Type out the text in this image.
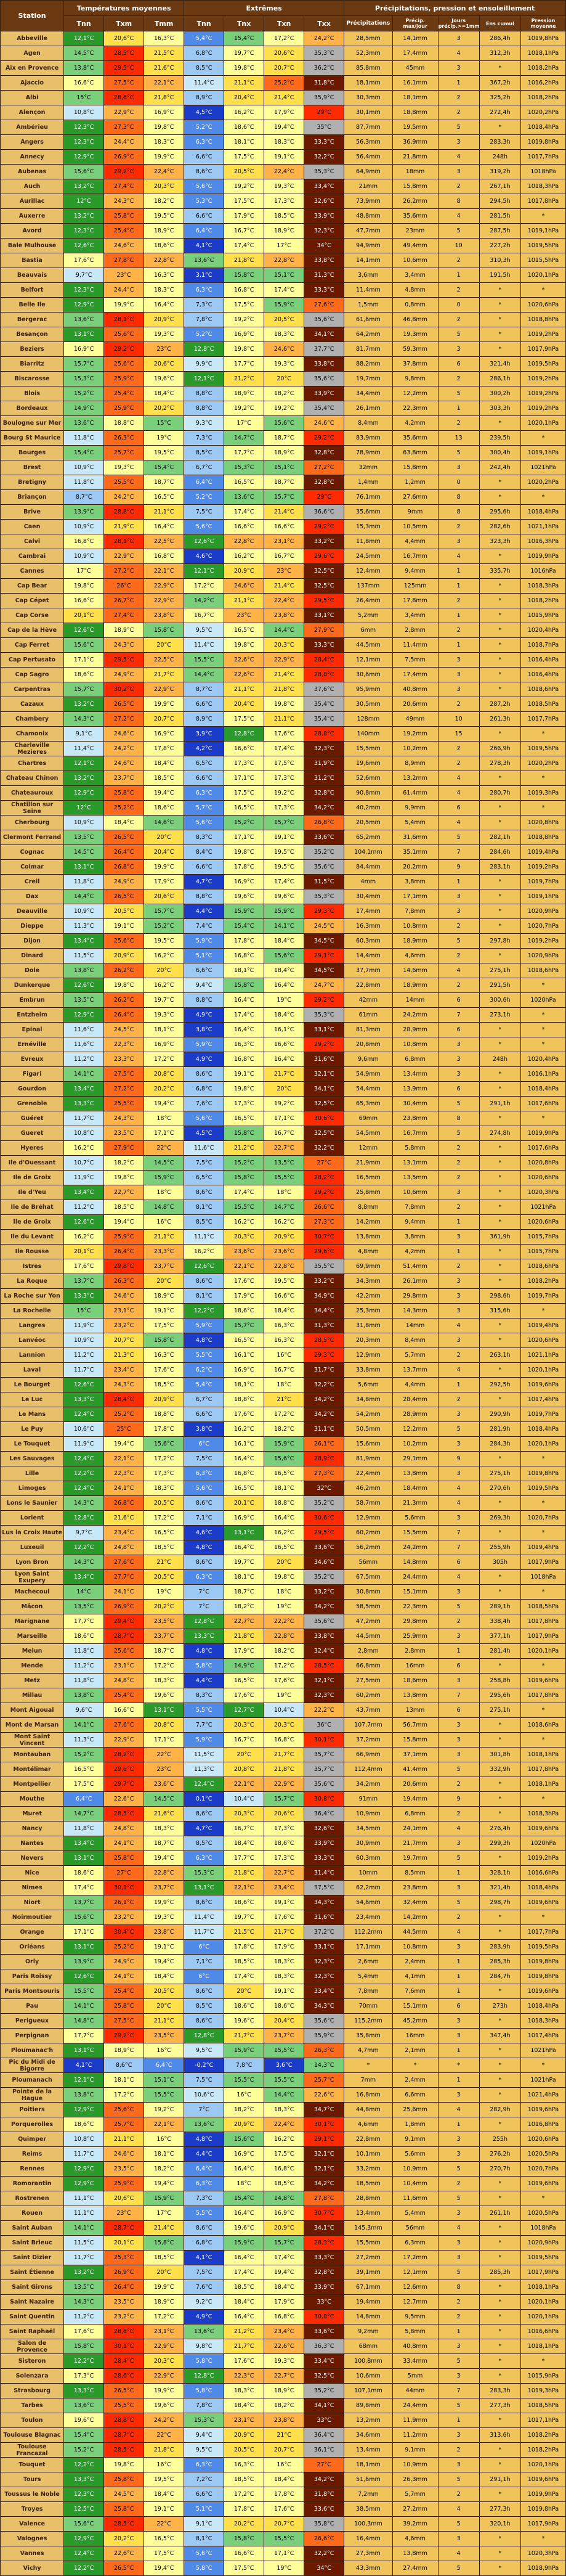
Station	Températures moyennes			Extrêmes				Précipitations, pression et ensoleillement				
	Tnn	Txm	Tmm	Tnn	Tnx	Txn	Txx	Précipitations	Précip. max/jour	Jours précip.>=1mm	Ens cumul	Pression moyenne
Abbeville	12,1°C	20,6°C	16,3°C	5,4°C	15,4°C	17,2°C	24,2°C	28,5mm	14,1mm	3	286,4h	1019,8hPa
Agen	14,5°C	28,5°C	21,5°C	6,8°C	19,7°C	20,6°C	35,3°C	52,3mm	17,4mm	4	312,3h	1018,1hPa
Aix en Provence	13,8°C	29,5°C	21,6°C	8,5°C	19,8°C	20,7°C	36,2°C	85,8mm	45mm	3	*	1018,2hPa
Ajaccio	16,6°C	27,5°C	22,1°C	11,4°C	21,1°C	25,2°C	31,8°C	18,1mm	16,1mm	1	367,2h	1016,2hPa
Albi	15°C	28,6°C	21,8°C	8,9°C	20,4°C	21,4°C	35,9°C	30,3mm	18,1mm	2	325,2h	1018,2hPa
Alençon	10,8°C	22,9°C	16,9°C	4,5°C	16,2°C	17,9°C	29°C	30,1mm	18,8mm	2	272,4h	1020,2hPa
Ambérieu	12,3°C	27,3°C	19,8°C	5,2°C	18,6°C	19,4°C	35°C	87,7mm	19,5mm	5	*	1018,4hPa
Angers	12,3°C	24,4°C	18,3°C	6,3°C	18,1°C	18,3°C	33,3°C	56,3mm	36,9mm	3	283,3h	1019,8hPa
Annecy	12,9°C	26,9°C	19,9°C	6,6°C	17,5°C	19,1°C	32,2°C	56,4mm	21,8mm	4	248h	1017,7hPa
Aubenas	15,6°C	29,2°C	22,4°C	8,6°C	20,5°C	22,4°C	35,3°C	64,9mm	18mm	3	319,2h	1018hPa
Auch	13,2°C	27,4°C	20,3°C	5,6°C	19,2°C	19,3°C	33,4°C	21mm	15,8mm	2	267,1h	1018,3hPa
Aurillac	12°C	24,3°C	18,2°C	5,3°C	17,5°C	17,3°C	32,6°C	73,9mm	26,2mm	8	294,5h	1017,8hPa
Auxerre	13,2°C	25,8°C	19,5°C	6,6°C	17,9°C	18,5°C	33,9°C	48,8mm	35,6mm	4	281,5h	*
Avord	12,3°C	25,4°C	18,9°C	6,4°C	16,7°C	18,9°C	32,3°C	47,7mm	23mm	5	287,5h	1019,1hPa
Bale Mulhouse	12,6°C	24,6°C	18,6°C	4,1°C	17,4°C	17°C	34°C	94,9mm	49,4mm	10	227,2h	1019,5hPa
Bastia	17,6°C	27,8°C	22,8°C	13,6°C	21,8°C	22,8°C	33,8°C	14,1mm	10,6mm	2	310,3h	1015,5hPa
Beauvais	9,7°C	23°C	16,3°C	3,1°C	15,8°C	15,1°C	31,3°C	3,6mm	3,4mm	1	191,5h	1020,1hPa
Belfort	12,3°C	24,4°C	18,3°C	6,3°C	16,8°C	17,4°C	33,3°C	11,4mm	4,8mm	2	*	*
Belle Ile	12,9°C	19,9°C	16,4°C	7,3°C	17,5°C	15,9°C	27,6°C	1,5mm	0,8mm	0	*	1020,6hPa
Bergerac	13,6°C	28,1°C	20,9°C	7,8°C	19,2°C	20,5°C	35,6°C	61,6mm	46,8mm	2	*	1018,8hPa
Besançon	13,1°C	25,6°C	19,3°C	5,2°C	16,9°C	18,3°C	34,1°C	64,2mm	19,3mm	5	*	1019,2hPa
Beziers	16,9°C	29,2°C	23°C	12,8°C	19,8°C	24,6°C	37,7°C	81,7mm	59,3mm	3	*	1017,9hPa
Biarritz	15,7°C	25,6°C	20,6°C	9,9°C	17,7°C	19,3°C	33,8°C	88,2mm	37,8mm	6	321,4h	1019,5hPa
Biscarosse	15,3°C	25,9°C	19,6°C	12,1°C	21,2°C	20°C	35,6°C	19,7mm	9,8mm	2	286,1h	1019,2hPa
Blois	15,2°C	25,4°C	18,4°C	8,8°C	18,9°C	18,2°C	33,9°C	34,4mm	12,2mm	5	300,2h	1019,2hPa
Bordeaux	14,9°C	25,9°C	20,2°C	8,8°C	19,2°C	19,2°C	35,4°C	26,1mm	22,3mm	1	303,3h	1019,2hPa
Boulogne sur Mer	13,6°C	18,8°C	15°C	9,3°C	17°C	15,6°C	24,6°C	8,4mm	4,2mm	2	*	1020,1hPa
Bourg St Maurice	11,8°C	26,3°C	19°C	7,3°C	14,7°C	18,7°C	29,2°C	83,9mm	35,6mm	13	239,5h	*
Bourges	15,4°C	25,7°C	19,5°C	8,5°C	17,7°C	18,9°C	32,8°C	78,9mm	63,8mm	5	300,4h	1019,1hPa
Brest	10,9°C	19,3°C	15,4°C	6,7°C	15,3°C	15,1°C	27,2°C	32mm	15,8mm	3	242,4h	1021hPa
Bretigny	11,8°C	25,5°C	18,7°C	6,4°C	16,5°C	18,7°C	32,8°C	1,4mm	1,2mm	0	*	1020,2hPa
Briançon	8,7°C	24,2°C	16,5°C	5,2°C	13,6°C	15,7°C	29°C	76,1mm	27,6mm	8	*	*
Brive	13,9°C	28,8°C	21,1°C	7,5°C	17,4°C	21,4°C	36,6°C	35,6mm	9mm	8	295,6h	1018,4hPa
Caen	10,9°C	21,9°C	16,4°C	5,6°C	16,6°C	16,6°C	29,2°C	15,3mm	10,5mm	2	282,6h	1021,1hPa
Calvi	16,8°C	28,1°C	22,5°C	12,6°C	22,8°C	23,1°C	33,2°C	11,8mm	4,4mm	3	323,3h	1016,3hPa
Cambrai	10,9°C	22,9°C	16,8°C	4,6°C	16,2°C	16,7°C	29,6°C	24,5mm	16,7mm	4	*	1019,9hPa
Cannes	17°C	27,2°C	22,1°C	12,1°C	20,9°C	23°C	32,5°C	12,4mm	9,4mm	1	335,7h	1016hPa
Cap Bear	19,8°C	26°C	22,9°C	17,2°C	24,6°C	21,4°C	32,5°C	137mm	125mm	1	*	1018,3hPa
Cap Cépet	16,6°C	26,7°C	22,9°C	14,2°C	21,1°C	22,4°C	29,5°C	26,4mm	17,8mm	2	*	1018,2hPa
Cap Corse	20,1°C	27,4°C	23,8°C	16,7°C	23°C	23,8°C	33,1°C	5,2mm	3,4mm	1	*	1015,9hPa
Cap de la Hève	12,6°C	18,9°C	15,8°C	9,5°C	16,5°C	14,4°C	27,9°C	6mm	2,8mm	2	*	1020,4hPa
Cap Ferret	15,6°C	24,3°C	20°C	11,4°C	19,8°C	20,3°C	33,3°C	44,5mm	11,4mm	1	*	1018,7hPa
Cap Pertusato	17,1°C	29,5°C	22,5°C	15,5°C	22,6°C	22,9°C	28,4°C	12,1mm	7,5mm	3	*	1016,4hPa
Cap Sagro	18,6°C	24,9°C	21,7°C	14,4°C	22,6°C	21,4°C	28,8°C	30,6mm	17,4mm	3	*	1016,4hPa
Carpentras	15,7°C	30,2°C	22,9°C	8,7°C	21,1°C	21,8°C	37,6°C	95,9mm	40,8mm	3	*	1018,6hPa
Cazaux	13,2°C	26,5°C	19,9°C	6,6°C	20,4°C	19,8°C	35,4°C	30,5mm	20,6mm	2	287,2h	1018,5hPa
Chambery	14,3°C	27,2°C	20,7°C	8,9°C	17,5°C	21,1°C	35,4°C	128mm	49mm	10	261,3h	1017,7hPa
Chamonix	9,1°C	24,6°C	16,9°C	3,9°C	12,8°C	17,6°C	28,8°C	140mm	19,2mm	15	*	*
Charleville Mezieres	11,4°C	24,2°C	17,8°C	4,2°C	16,6°C	17,4°C	32,3°C	15,5mm	10,2mm	2	266,9h	1019,5hPa
Chartres	12,1°C	24,6°C	18,4°C	6,5°C	17,3°C	17,5°C	31,9°C	19,6mm	8,9mm	2	278,3h	1020,2hPa
Chateau Chinon	13,2°C	23,7°C	18,5°C	6,6°C	17,1°C	17,3°C	31,2°C	52,6mm	13,2mm	4	*	*
Chateauroux	12,9°C	25,8°C	19,4°C	6,3°C	17,5°C	19,2°C	32,8°C	90,8mm	61,4mm	4	280,7h	1019,3hPa
Chatillon sur Seine	12°C	25,2°C	18,6°C	5,7°C	16,5°C	17,3°C	34,2°C	40,2mm	9,9mm	6	*	*
Cherbourg	10,9°C	18,4°C	14,6°C	5,6°C	15,2°C	15,7°C	26,8°C	20,5mm	5,4mm	4	*	1020,8hPa
Clermont Ferrand	13,5°C	26,5°C	20°C	8,3°C	17,1°C	19,1°C	33,6°C	65,2mm	31,6mm	5	282,1h	1018,8hPa
Cognac	14,5°C	26,4°C	20,4°C	8,4°C	19,8°C	19,5°C	35,2°C	104,1mm	35,1mm	7	284,6h	1019,4hPa
Colmar	13,1°C	26,8°C	19,9°C	6,6°C	17,8°C	19,5°C	35,6°C	84,4mm	20,2mm	9	283,1h	1019,2hPa
Creil	11,8°C	24,9°C	17,9°C	4,7°C	16,9°C	17,4°C	31,5°C	4mm	3,8mm	1	*	1019,7hPa
Dax	14,4°C	26,5°C	20,6°C	8,8°C	19,6°C	19,6°C	35,3°C	30,4mm	17,1mm	3	*	1019,1hPa
Deauville	10,9°C	20,5°C	15,7°C	4,4°C	15,9°C	15,9°C	29,3°C	17,4mm	7,8mm	3	*	1020,9hPa
Dieppe	11,3°C	19,1°C	15,2°C	7,4°C	15,4°C	14,1°C	24,5°C	16,3mm	10,8mm	2	*	1020,7hPa
Dijon	13,4°C	25,6°C	19,5°C	5,9°C	17,8°C	18,4°C	34,5°C	60,3mm	18,9mm	5	297,8h	1019,2hPa
Dinard	11,5°C	20,9°C	16,2°C	5,1°C	16,8°C	15,6°C	29,1°C	14,4mm	4,6mm	2	*	1020,9hPa
Dole	13,8°C	26,2°C	20°C	6,6°C	18,1°C	18,4°C	34,5°C	37,7mm	14,6mm	4	275,1h	1018,6hPa
Dunkerque	12,6°C	19,8°C	16,2°C	9,4°C	15,8°C	16,4°C	24,7°C	22,8mm	18,9mm	2	291,5h	*
Embrun	13,5°C	26,2°C	19,7°C	8,8°C	16,4°C	19°C	29,2°C	42mm	14mm	6	300,6h	1020hPa
Entzheim	12,9°C	26,4°C	19,3°C	4,9°C	17,4°C	18,4°C	35,3°C	61mm	24,2mm	7	273,1h	*
Epinal	11,6°C	24,5°C	18,1°C	3,8°C	16,4°C	16,1°C	33,1°C	81,3mm	28,9mm	6	*	*
Ernéville	11,6°C	22,3°C	16,9°C	5,9°C	16,3°C	16,6°C	29,2°C	20,8mm	10,8mm	3	*	*
Evreux	11,2°C	23,3°C	17,2°C	4,9°C	16,8°C	16,4°C	31,6°C	9,6mm	6,8mm	3	248h	1020,4hPa
Figari	14,1°C	27,5°C	20,8°C	8,6°C	19,1°C	21,7°C	32,1°C	54,9mm	13,4mm	3	*	1016,1hPa
Gourdon	13,4°C	27,2°C	20,2°C	6,8°C	19,8°C	20°C	34,1°C	54,4mm	13,9mm	6	*	1018,4hPa
Grenoble	13,3°C	25,5°C	19,4°C	7,6°C	17,3°C	19,2°C	32,5°C	65,3mm	30,4mm	5	291,1h	1017,6hPa
Guéret	11,7°C	24,3°C	18°C	5,6°C	16,5°C	17,1°C	30,6°C	69mm	23,8mm	8	*	*
Gueret	10,8°C	23,5°C	17,1°C	4,5°C	15,8°C	16,7°C	32,5°C	54,5mm	16,7mm	5	274,8h	1019,9hPa
Hyeres	16,2°C	27,9°C	22°C	11,6°C	21,2°C	22,7°C	32,2°C	12mm	5,8mm	2	*	1017,6hPa
Ile d'Ouessant	10,7°C	18,2°C	14,5°C	7,5°C	15,2°C	13,5°C	27°C	21,9mm	13,1mm	2	*	1020,8hPa
Ile de Groix	11,9°C	19,8°C	15,9°C	6,5°C	15,8°C	15,5°C	28,2°C	16,5mm	13,5mm	2	*	1020,6hPa
Ile d'Yeu	13,4°C	22,7°C	18°C	8,6°C	17,4°C	18°C	29,2°C	25,8mm	10,6mm	3	*	1020,3hPa
Ile de Bréhat	11,2°C	18,5°C	14,8°C	8,1°C	15,5°C	14,7°C	26,6°C	8,8mm	7,8mm	2	*	1021hPa
Ile de Groix	12,6°C	19,4°C	16°C	8,5°C	16,2°C	16,2°C	27,3°C	14,2mm	9,4mm	1	*	1020,6hPa
Ile du Levant	16,2°C	25,9°C	21,1°C	11,1°C	20,3°C	20,9°C	30,7°C	13,8mm	3,8mm	3	361,9h	1015,7hPa
Ile Rousse	20,1°C	26,4°C	23,3°C	16,2°C	23,6°C	23,6°C	29,6°C	4,8mm	4,2mm	1	*	1015,7hPa
Istres	17,6°C	29,8°C	23,7°C	12,6°C	22,1°C	22,8°C	35,5°C	69,9mm	51,4mm	2	*	1018,6hPa
La Roque	13,7°C	26,3°C	20°C	8,6°C	17,6°C	19,5°C	33,2°C	34,3mm	26,1mm	3	*	1018,2hPa
La Roche sur Yon	13,3°C	24,6°C	18,9°C	8,1°C	17,9°C	16,6°C	34,9°C	42,2mm	29,8mm	3	298,6h	1019,7hPa
La Rochelle	15°C	23,1°C	19,1°C	12,2°C	18,6°C	18,4°C	34,4°C	25,3mm	14,3mm	3	315,6h	*
Langres	11,9°C	23,2°C	17,5°C	5,9°C	15,7°C	16,3°C	31,3°C	31,8mm	14mm	4	*	1019,4hPa
Lanvéoc	10,9°C	20,7°C	15,8°C	4,8°C	16,5°C	16,3°C	28,5°C	20,3mm	8,4mm	3	*	1020,6hPa
Lannion	11,2°C	21,3°C	16,3°C	5,5°C	16,1°C	16°C	29,3°C	12,9mm	5,7mm	2	263,1h	1021,1hPa
Laval	11,7°C	23,4°C	17,6°C	6,2°C	16,9°C	16,7°C	31,7°C	33,8mm	13,7mm	4	*	1020,1hPa
Le Bourget	12,6°C	24,3°C	18,5°C	5,4°C	18,1°C	18°C	32,2°C	5,6mm	4,4mm	1	292,5h	1019,6hPa
Le Luc	13,3°C	28,4°C	20,9°C	6,7°C	18,8°C	21°C	34,2°C	34,8mm	28,4mm	2	*	1017,4hPa
Le Mans	12,4°C	25,2°C	18,8°C	6,6°C	17,6°C	17,2°C	34,2°C	54,2mm	28,9mm	3	290,9h	1019,7hPa
Le Puy	10,6°C	25°C	17,8°C	3,8°C	16,2°C	18,2°C	31,1°C	50,5mm	12,2mm	5	281,9h	1018,4hPa
Le Touquet	11,9°C	19,4°C	15,6°C	6°C	16,1°C	15,9°C	26,1°C	15,6mm	10,2mm	3	284,3h	1020,1hPa
Les Sauvages	12,4°C	22,1°C	17,2°C	7,5°C	16,4°C	15,6°C	28,9°C	81,9mm	29,1mm	9	*	*
Lille	12,2°C	22,3°C	17,3°C	6,3°C	16,8°C	16,5°C	27,3°C	22,4mm	13,8mm	3	275,1h	1019,8hPa
Limoges	12,4°C	24,1°C	18,3°C	5,6°C	16,5°C	18,1°C	32°C	46,2mm	18,4mm	4	270,6h	1019,5hPa
Lons le Saunier	14,3°C	26,8°C	20,5°C	8,6°C	20,1°C	18,8°C	35,2°C	58,7mm	21,3mm	4	*	*
Lorient	12,8°C	21,6°C	17,2°C	7,1°C	16,9°C	16,4°C	30,6°C	12,9mm	5,6mm	3	269,3h	1020,7hPa
Lus la Croix Haute	9,7°C	23,4°C	16,5°C	4,6°C	13,1°C	16,2°C	29,5°C	60,2mm	15,5mm	7	*	*
Luxeuil	12,2°C	24,8°C	18,5°C	4,8°C	16,4°C	16,5°C	33,6°C	56,2mm	24,2mm	7	255,9h	1019,4hPa
Lyon Bron	14,3°C	27,6°C	21°C	8,6°C	19,7°C	20°C	34,6°C	56mm	14,8mm	6	305h	1017,9hPa
Lyon Saint Exupery	13,4°C	27,7°C	20,5°C	6,3°C	18,1°C	19,8°C	35,2°C	67,5mm	24,4mm	4	*	1018hPa
Machecoul	14°C	24,1°C	19°C	7°C	18,7°C	18°C	33,2°C	30,8mm	15,1mm	3	*	*
Mâcon	13,5°C	26,9°C	20,2°C	7°C	18,2°C	19°C	34,2°C	58,5mm	22,3mm	5	289,1h	1018,5hPa
Marignane	17,7°C	29,4°C	23,5°C	12,8°C	22,7°C	22,2°C	35,6°C	47,2mm	29,8mm	2	338,4h	1017,8hPa
Marseille	18,6°C	28,7°C	23,7°C	13,3°C	21,8°C	22,8°C	33,8°C	44,5mm	25,9mm	3	377,1h	1017,9hPa
Melun	11,8°C	25,6°C	18,7°C	4,8°C	17,9°C	18,2°C	32,4°C	2,8mm	2,8mm	1	281,4h	1020,1hPa
Mende	11,2°C	23,1°C	17,2°C	5,8°C	14,9°C	17,2°C	28,5°C	66,8mm	16mm	6	*	*
Metz	11,8°C	24,8°C	18,3°C	4,4°C	16,5°C	17,6°C	32,1°C	27,5mm	18,6mm	3	258,8h	1019,6hPa
Millau	13,8°C	25,4°C	19,6°C	8,3°C	17,6°C	19°C	32,3°C	60,2mm	13,8mm	7	295,6h	1017,8hPa
Mont Aigoual	9,6°C	16,6°C	13,1°C	5,5°C	12,7°C	10,4°C	22,2°C	43,7mm	13mm	6	275,1h	*
Mont de Marsan	14,1°C	27,6°C	20,8°C	7,7°C	20,3°C	20,3°C	36°C	107,7mm	56,7mm	3	*	1018,6hPa
Mont Saint Vincent	11,3°C	22,9°C	17,1°C	5,9°C	16,7°C	16,8°C	30,1°C	37,2mm	15,8mm	3	*	*
Montauban	15,2°C	28,2°C	22°C	11,5°C	20°C	21,7°C	35,7°C	66,9mm	37,1mm	3	301,8h	1018,1hPa
Montélimar	16,5°C	29,6°C	23°C	11,3°C	20,8°C	21,8°C	35,7°C	112,4mm	41,4mm	5	332,9h	1017,8hPa
Montpellier	17,5°C	29,7°C	23,6°C	12,4°C	22,1°C	22,9°C	35,6°C	34,2mm	20,6mm	2	*	1018,1hPa
Mouthe	6,4°C	22,6°C	14,5°C	0,1°C	10,4°C	15,7°C	30,8°C	91mm	19,4mm	9	*	*
Muret	14,7°C	28,5°C	21,6°C	8,6°C	20,3°C	20,6°C	36,4°C	10,9mm	6,8mm	2	*	1018,3hPa
Nancy	11,8°C	24,8°C	18,3°C	4,7°C	16,7°C	17,3°C	32,6°C	34,5mm	24,1mm	4	276,4h	1019,6hPa
Nantes	13,4°C	24,1°C	18,7°C	8,5°C	18,4°C	18,6°C	33,9°C	30,9mm	21,7mm	3	299,3h	1020hPa
Nevers	13,1°C	25,8°C	19,4°C	6,3°C	17,7°C	17,3°C	33,3°C	60,3mm	19,7mm	5	*	1019,2hPa
Nice	18,6°C	27°C	22,8°C	15,3°C	21,8°C	22,7°C	31,4°C	10mm	8,5mm	1	328,1h	1016,6hPa
Nimes	17,4°C	30,1°C	23,7°C	13,1°C	22,1°C	23,4°C	37,5°C	62,2mm	23,8mm	3	321,4h	1018,4hPa
Niort	13,7°C	26,1°C	19,9°C	8,6°C	18,6°C	19,1°C	34,3°C	54,6mm	32,4mm	5	298,7h	1019,6hPa
Noirmoutier	15,6°C	23,2°C	19,3°C	11,4°C	19,7°C	17,6°C	31,6°C	23,4mm	14,2mm	2	*	*
Orange	17,1°C	30,4°C	23,8°C	11,7°C	21,5°C	21,7°C	37,2°C	112,2mm	44,5mm	4	*	1017,7hPa
Orléans	13,1°C	25,2°C	19,1°C	6°C	17,8°C	17,9°C	33,1°C	17,1mm	10,8mm	3	283,9h	1019,5hPa
Orly	13,9°C	24,9°C	19,4°C	7,1°C	18,5°C	18,3°C	32,3°C	2,6mm	2,4mm	1	285,3h	1019,8hPa
Paris Roissy	12,6°C	24,1°C	18,4°C	6°C	17,4°C	18,3°C	32,3°C	5,4mm	4,1mm	1	284,7h	1019,8hPa
Paris Montsouris	15,5°C	25,4°C	20,5°C	8,6°C	20°C	19,1°C	33,4°C	7,8mm	7,6mm	1	*	1019,6hPa
Pau	14,1°C	25,8°C	20°C	8,5°C	18,6°C	18,6°C	34,3°C	70mm	15,1mm	6	273h	1018,4hPa
Perigueux	14,8°C	27,5°C	21,1°C	8,6°C	19,6°C	20,4°C	35,6°C	115,2mm	45,2mm	3	*	1018,3hPa
Perpignan	17,7°C	29,2°C	23,5°C	12,8°C	21,7°C	23,7°C	35,9°C	35,8mm	16mm	3	347,4h	1017,4hPa
Ploumanac'h	13,1°C	18,9°C	16°C	9,5°C	15,9°C	15,5°C	26,3°C	4,7mm	2,1mm	1	*	1021hPa
Pic du Midi de Bigorre	4,1°C	8,6°C	6,4°C	-0,2°C	7,8°C	3,6°C	14,3°C	*	*	*	*	*
Ploumanach	12,1°C	18,1°C	15,1°C	7,5°C	15,5°C	15,5°C	25,7°C	7mm	2,4mm	1	*	1021hPa
Pointe de la Hague	13,8°C	17,2°C	15,5°C	10,6°C	16°C	14,4°C	22,6°C	16,8mm	6,6mm	3	*	1021,4hPa
Poitiers	12,9°C	25,6°C	19,2°C	7°C	18,2°C	18,3°C	34,7°C	44,8mm	25,6mm	4	282,9h	1019,6hPa
Porquerolles	18,6°C	25,7°C	22,1°C	13,6°C	20,9°C	22,4°C	30,1°C	4,6mm	1,8mm	1	*	1016,8hPa
Quimper	10,8°C	21,1°C	16°C	4,8°C	15,6°C	16,2°C	29,1°C	22,8mm	9,1mm	3	255h	1020,6hPa
Reims	11,7°C	24,6°C	18,1°C	4,4°C	16,9°C	17,5°C	32,1°C	10,1mm	5,6mm	3	276,2h	1020,5hPa
Rennes	12,9°C	23,5°C	18,2°C	6,4°C	16,4°C	16,8°C	32,1°C	33,2mm	10,9mm	5	270,7h	1020,7hPa
Romorantin	12,9°C	25,9°C	19,4°C	6,3°C	18°C	18,5°C	34,2°C	18,5mm	10,4mm	2	*	1019,6hPa
Rostrenen	11,1°C	20,6°C	15,9°C	7,3°C	15,4°C	14,8°C	27,8°C	28,8mm	11,6mm	5	*	*
Rouen	11,1°C	23°C	17°C	5,5°C	16,4°C	16,9°C	30,7°C	13,4mm	5,4mm	3	261,1h	1020,5hPa
Saint Auban	14,1°C	28,7°C	21,4°C	8,6°C	19,6°C	20,9°C	34,1°C	145,3mm	56mm	4	*	1018hPa
Saint Brieuc	11,5°C	20,1°C	15,8°C	6,8°C	15,9°C	15,7°C	28,3°C	15,5mm	6,3mm	3	*	1020,9hPa
Saint Dizier	11,7°C	25,3°C	18,5°C	4,1°C	16,4°C	17,4°C	33,3°C	27,2mm	17,2mm	3	*	1019,5hPa
Saint Étienne	13,2°C	26,9°C	20°C	7,5°C	17,4°C	19,4°C	32,8°C	39,1mm	12,1mm	5	285,3h	1017,9hPa
Saint Girons	13,5°C	26,4°C	19,9°C	7,6°C	18,5°C	18,4°C	33,9°C	67,1mm	12,6mm	8	*	1018,1hPa
Saint Nazaire	14,3°C	23,5°C	18,9°C	9,2°C	18,4°C	17,9°C	33°C	19,4mm	12,7mm	2	*	1020,1hPa
Saint Quentin	11,2°C	23,2°C	17,2°C	4,9°C	16,4°C	16,8°C	30,8°C	14,8mm	9,5mm	2	*	1020,1hPa
Saint Raphaël	17,6°C	28,6°C	23,1°C	13,6°C	21,2°C	23,4°C	33,6°C	9,2mm	5,8mm	1	*	1016,6hPa
Salon de Provence	15,8°C	30,1°C	22,9°C	9,8°C	21,7°C	22,6°C	36,3°C	68mm	40,8mm	3	*	1018,1hPa
Sisteron	12,2°C	28,4°C	20,3°C	5,8°C	17,6°C	19,3°C	33,4°C	100,8mm	33,4mm	5	*	*
Solenzara	17,3°C	28,6°C	22,9°C	12,8°C	22,3°C	22,7°C	32,5°C	10,6mm	5mm	3	*	1015,9hPa
Strasbourg	13,3°C	26,5°C	19,9°C	5,8°C	18,3°C	18,9°C	35,2°C	107,1mm	44mm	7	283,3h	1019,3hPa
Tarbes	13,6°C	25,5°C	19,6°C	7,8°C	18,4°C	18,2°C	34,1°C	89,8mm	24,4mm	5	277,3h	1018,5hPa
Toulon	19,6°C	28,8°C	24,2°C	15,3°C	23,1°C	23,8°C	33°C	13,2mm	11,9mm	1	*	1017,1hPa
Toulouse Blagnac	15,4°C	28,7°C	22°C	9,4°C	20,9°C	21°C	36,4°C	34,6mm	11,2mm	3	313,6h	1018,2hPa
Toulouse Francazal	15,2°C	28,5°C	21,8°C	9,5°C	20,5°C	20,7°C	36,1°C	13,4mm	9,1mm	2	*	1018,2hPa
Touquet	12,2°C	19,8°C	16°C	6,3°C	16,3°C	16°C	27°C	18,1mm	10,9mm	3	*	1020,1hPa
Tours	13,3°C	25,8°C	19,5°C	7,2°C	18,5°C	18,4°C	34,2°C	51,6mm	26,3mm	5	291,1h	1019,6hPa
Toussus le Noble	12,3°C	24,5°C	18,4°C	6,6°C	17,2°C	17,8°C	31,8°C	7,2mm	5,7mm	2	*	1019,9hPa
Troyes	12,5°C	25,8°C	19,1°C	5,1°C	17,8°C	17,6°C	33,6°C	38,5mm	27,2mm	4	277,3h	1019,8hPa
Valence	15,6°C	28,5°C	22°C	9,1°C	20,2°C	20,7°C	35,8°C	100,3mm	39,2mm	5	320,1h	1017,9hPa
Valognes	12,9°C	20,2°C	16,5°C	8,1°C	15,8°C	15,5°C	26,6°C	16,4mm	4,6mm	3	*	*
Vannes	12,4°C	22,6°C	17,5°C	5,6°C	16,6°C	17,1°C	32,2°C	27,3mm	13,8mm	4	*	1020,3hPa
Vichy	12,2°C	26,5°C	19,4°C	5,8°C	17,5°C	19°C	34°C	43,3mm	27,4mm	5	*	1018,9hPa
